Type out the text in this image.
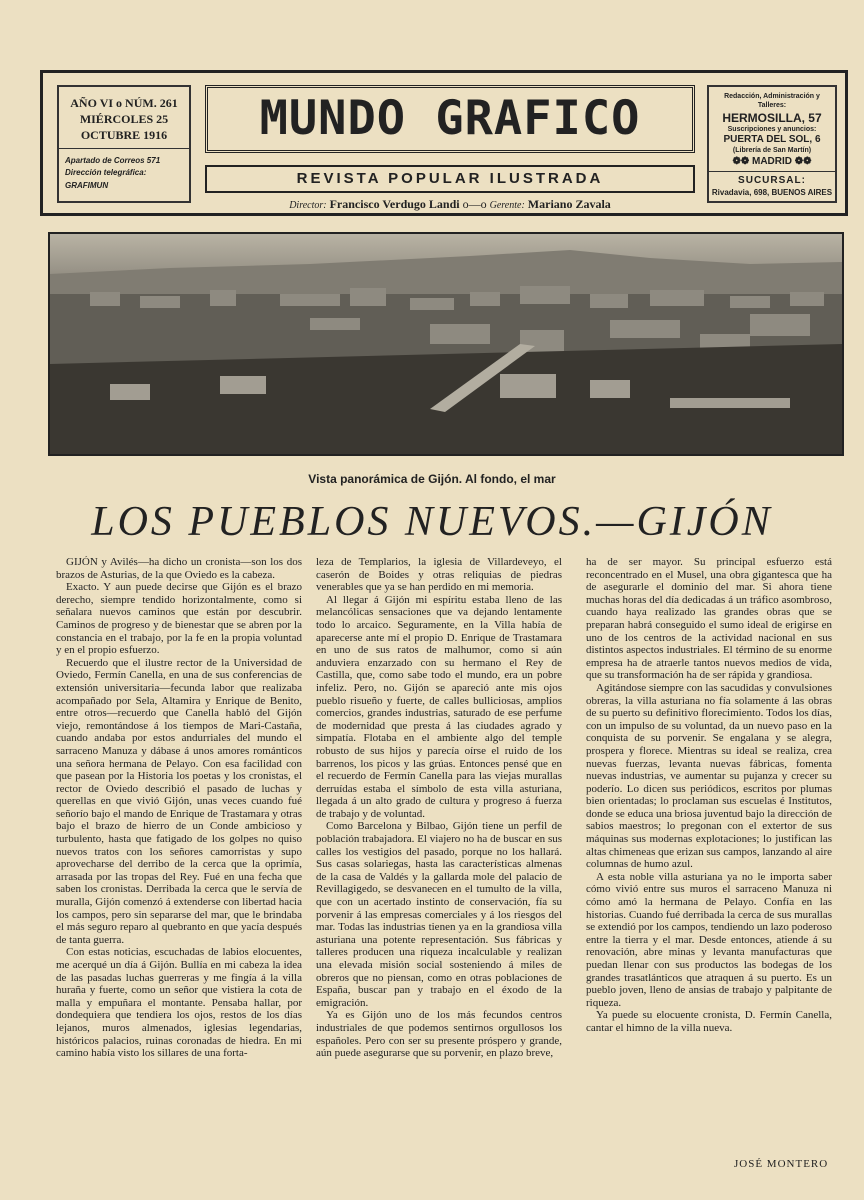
AÑO VI o NÚM. 261
MIÉRCOLES 25
OCTUBRE 1916
Apartado de Correos 571
Dirección telegráfica: GRAFIMUN
MUNDO GRAFICO
REVISTA POPULAR ILUSTRADA
Director: Francisco Verdugo Landi o—o Gerente: Mariano Zavala
Redacción, Administración y Talleres:
HERMOSILLA, 57
Suscripciones y anuncios:
PUERTA DEL SOL, 6
(Librería de San Martín)
❁❁ MADRID ❁❁
SUCURSAL:
Rivadavia, 698, BUENOS AIRES
Vista panorámica de Gijón. Al fondo, el mar
LOS PUEBLOS NUEVOS.—GIJÓN

GIJÓN y Avilés—ha dicho un cronista—son los dos brazos de Asturias, de la que Oviedo es la cabeza.

Exacto. Y aun puede decirse que Gijón es el brazo derecho, siempre tendido horizontalmente, como si señalara nuevos caminos que están por descubrir. Caminos de progreso y de bienestar que se abren por la constancia en el trabajo, por la fe en la propia voluntad y en el propio esfuerzo.

Recuerdo que el ilustre rector de la Universidad de Oviedo, Fermín Canella, en una de sus conferencias de extensión universitaria—fecunda labor que realizaba acompañado por Sela, Altamira y Enrique de Benito, entre otros—recuerdo que Canella habló del Gijón viejo, remontándose á los tiempos de Mari-Castaña, cuando andaba por estos andurriales del mundo el sarraceno Manuza y dábase á unos amores románticos una señora hermana de Pelayo. Con esa facilidad con que pasean por la Historia los poetas y los cronistas, el rector de Oviedo describió el pasado de luchas y querellas en que vivió Gijón, unas veces cuando fué señorío bajo el mando de Enrique de Trastamara y otras bajo el brazo de hierro de un Conde ambicioso y turbulento, hasta que fatigado de los golpes no quiso nuevos tratos con los señores camorristas y supo aprovecharse del derribo de la cerca que la oprimía, arrasada por las tropas del Rey. Fué en una fecha que saben los cronistas. Derribada la cerca que le servía de muralla, Gijón comenzó á extenderse con libertad hacia los campos, pero sin separarse del mar, que le brindaba el más seguro reparo al quebranto en que yacía después de tanta guerra.

Con estas noticias, escuchadas de labios elocuentes, me acerqué un día á Gijón. Bullía en mi cabeza la idea de las pasadas luchas guerreras y me fingía á la villa huraña y fuerte, como un señor que vistiera la cota de malla y empuñara el montante. Pensaba hallar, por dondequiera que tendiera los ojos, restos de los días lejanos, muros almenados, iglesias legendarias, históricos palacios, ruinas coronadas de hiedra. En mi camino había visto los sillares de una forta-

leza de Templarios, la iglesia de Villardeveyo, el caserón de Boides y otras reliquias de piedras venerables que ya se han perdido en mi memoria.

Al llegar á Gijón mi espíritu estaba lleno de las melancólicas sensaciones que va dejando lentamente todo lo arcaico. Seguramente, en la Villa había de aparecerse ante mí el propio D. Enrique de Trastamara en uno de sus ratos de malhumor, como si aún anduviera enzarzado con su hermano el Rey de Castilla, que, como sabe todo el mundo, era un pobre infeliz. Pero, no. Gijón se apareció ante mis ojos pueblo risueño y fuerte, de calles bulliciosas, amplios comercios, grandes industrias, saturado de ese perfume de modernidad que presta á las ciudades agrado y simpatía. Flotaba en el ambiente algo del temple robusto de sus hijos y parecía oírse el ruido de los barrenos, los picos y las grúas. Entonces pensé que en el recuerdo de Fermín Canella para las viejas murallas derruídas estaba el símbolo de esta villa asturiana, llegada á un alto grado de cultura y progreso á fuerza de trabajo y de voluntad.

Como Barcelona y Bilbao, Gijón tiene un perfil de población trabajadora. El viajero no ha de buscar en sus calles los vestigios del pasado, porque no los hallará. Sus casas solariegas, hasta las características almenas de la casa de Valdés y la gallarda mole del palacio de Revillagigedo, se desvanecen en el tumulto de la villa, que con un acertado instinto de conservación, fía su porvenir á las empresas comerciales y á los riesgos del mar. Todas las industrias tienen ya en la grandiosa villa asturiana una potente representación. Sus fábricas y talleres producen una riqueza incalculable y realizan una elevada misión social sosteniendo á miles de obreros que no piensan, como en otras poblaciones de España, buscar pan y trabajo en el éxodo de la emigración.

Ya es Gijón uno de los más fecundos centros industriales de que podemos sentirnos orgullosos los españoles. Pero con ser su presente próspero y grande, aún puede asegurarse que su porvenir, en plazo breve,

ha de ser mayor. Su principal esfuerzo está reconcentrado en el Musel, una obra gigantesca que ha de asegurarle el dominio del mar. Si ahora tiene muchas horas del día dedicadas á un tráfico asombroso, cuando haya realizado las grandes obras que se preparan habrá conseguido el sumo ideal de erigirse en uno de los centros de la actividad nacional en sus distintos aspectos industriales. El término de su enorme empresa ha de atraerle tantos nuevos medios de vida, que su transformación ha de ser rápida y grandiosa.

Agitándose siempre con las sacudidas y convulsiones obreras, la villa asturiana no fía solamente á las obras de su puerto su definitivo florecimiento. Todos los días, con un impulso de su voluntad, da un nuevo paso en la conquista de su porvenir. Se engalana y se alegra, prospera y florece. Mientras su ideal se realiza, crea nuevas fuerzas, levanta nuevas fábricas, fomenta nuevas industrias, ve aumentar su pujanza y crecer su poderío. Lo dicen sus periódicos, escritos por plumas bien orientadas; lo proclaman sus escuelas é Institutos, donde se educa una briosa juventud bajo la dirección de sabios maestros; lo pregonan con el extertor de sus máquinas sus modernas explotaciones; lo justifican las altas chimeneas que erizan sus campos, lanzando al aire columnas de humo azul.

A esta noble villa asturiana ya no le importa saber cómo vivió entre sus muros el sarraceno Manuza ni cómo amó la hermana de Pelayo. Confía en las historias. Cuando fué derribada la cerca de sus murallas se extendió por los campos, tendiendo un lazo poderoso entre la tierra y el mar. Desde entonces, atiende á su renovación, abre minas y levanta manufacturas que puedan llenar con sus productos las bodegas de los grandes trasatlánticos que atraquen á su puerto. Es un pueblo joven, lleno de ansias de trabajo y palpitante de riqueza.

Ya puede su elocuente cronista, D. Fermín Canella, cantar el himno de la villa nueva.

JOSÉ MONTERO
